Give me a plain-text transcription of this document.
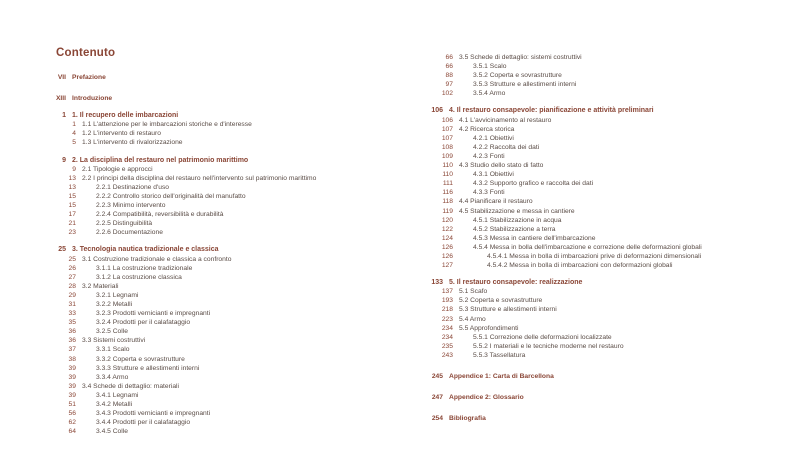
Contenuto
VII Prefazione
XIII Introduzione
1 1. Il recupero delle imbarcazioni
1 1.1 L'attenzione per le imbarcazioni storiche e d'interesse
4 1.2 L'intervento di restauro
5 1.3 L'intervento di rivalorizzazione
9 2. La disciplina del restauro nel patrimonio marittimo
9 2.1 Tipologie e approcci
13 2.2 I principi della disciplina del restauro nell'intervento sul patrimonio marittimo
13	2.2.1 Destinazione d'uso
15	2.2.2 Controllo storico dell'originalità del manufatto
15	2.2.3 Minimo intervento
17	2.2.4 Compatibilità, reversibilità e durabilità
21	2.2.5 Distinguibilità
23	2.2.6 Documentazione
25 3. Tecnologia nautica tradizionale e classica
25 3.1 Costruzione tradizionale e classica a confronto
26	3.1.1 La costruzione tradizionale
27	3.1.2 La costruzione classica
28 3.2 Materiali
29	3.2.1 Legnami
31	3.2.2 Metalli
33	3.2.3 Prodotti vernicianti e impregnanti
35	3.2.4 Prodotti per il calafataggio
36	3.2.5 Colle
36 3.3 Sistemi costruttivi
37	3.3.1 Scalo
38	3.3.2 Coperta e sovrastrutture
39	3.3.3 Strutture e allestimenti interni
39	3.3.4 Armo
39 3.4 Schede di dettaglio: materiali
39	3.4.1 Legnami
51	3.4.2 Metalli
56	3.4.3 Prodotti vernicianti e impregnanti
62	3.4.4 Prodotti per il calafataggio
64	3.4.5 Colle
66 3.5 Schede di dettaglio: sistemi costruttivi
66	3.5.1 Scalo
88	3.5.2 Coperta e sovrastrutture
97	3.5.3 Strutture e allestimenti interni
102	3.5.4 Armo
106 4. Il restauro consapevole: pianificazione e attività preliminari
106 4.1 L'avvicinamento al restauro
107 4.2 Ricerca storica
107	4.2.1 Obiettivi
108	4.2.2 Raccolta dei dati
109	4.2.3 Fonti
110 4.3 Studio dello stato di fatto
110	4.3.1 Obiettivi
111	4.3.2 Supporto grafico e raccolta dei dati
116	4.3.3 Fonti
118 4.4 Pianificare il restauro
119 4.5 Stabilizzazione e messa in cantiere
120	4.5.1 Stabilizzazione in acqua
122	4.5.2 Stabilizzazione a terra
124	4.5.3 Messa in cantiere dell'imbarcazione
126	4.5.4 Messa in bolla dell'imbarcazione e correzione delle deformazioni globali
126	4.5.4.1 Messa in bolla di imbarcazioni prive di deformazioni dimensionali
127	4.5.4.2 Messa in bolla di imbarcazioni con deformazioni globali
133 5. Il restauro consapevole: realizzazione
137 5.1 Scafo
193 5.2 Coperta e sovrastrutture
218 5.3 Strutture e allestimenti interni
223 5.4 Armo
234 5.5 Approfondimenti
234	5.5.1 Correzione delle deformazioni localizzate
235	5.5.2 I materiali e le tecniche moderne nel restauro
243	5.5.3 Tassellatura
245 Appendice 1: Carta di Barcellona
247 Appendice 2: Glossario
254 Bibliografia
